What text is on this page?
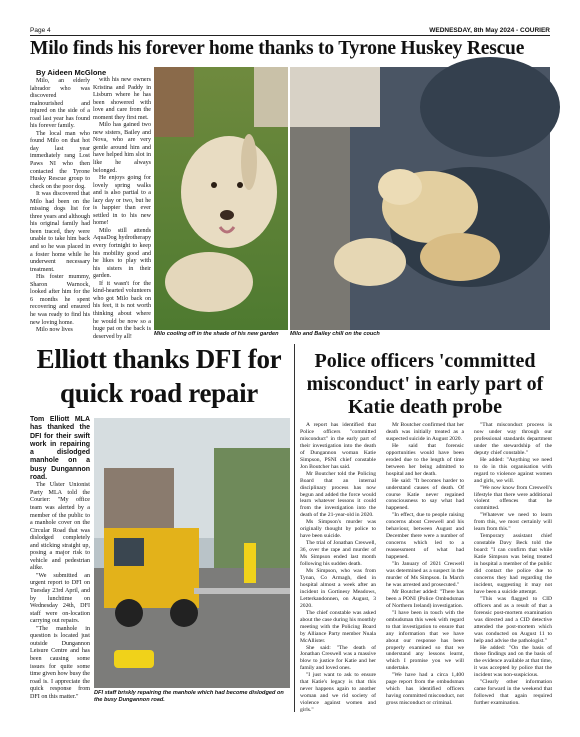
Page 4	WEDNESDAY, 8th May 2024 - COURIER
Milo finds his forever home thanks to Tyrone Huskey Rescue
By Aideen McGlone

Milo, an elderly labrador who was discovered malnourished and injured on the side of a road last year has found his forever family.

The local man who found Milo on that hot day last year immediately rang Lost Paws NI who then contacted the Tyrone Husky Rescue group to check on the poor dog.

It was discovered that Milo had been on the missing dogs list for three years and although his original family had been traced, they were unable to take him back and so he was placed in a foster home while he underwent necessary treatment.

His foster mummy, Sharon Warnock, looked after him for the 6 months he spent recovering and ensured he was ready to find his new loving home.

Milo now lives

with his new owners Kristina and Paddy in Lisburn where he has been showered with love and care from the moment they first met.

Milo has gained two new sisters, Bailey and Nova, who are very gentle around him and have helped him slot in like he always belonged.

He enjoys going for lovely spring walks and is also partial to a lazy day or two, but he is happier than ever settled in to his new home!

Milo still attends AquaDog hydrotherapy every fortnight to keep his mobility good and he likes to play with his sisters in their garden.

If it wasn't for the kind-hearted volunteers who got Milo back on his feet, it is not worth thinking about where he would be now so a huge pat on the back is deserved by all!	Milo cooling off in the shade of his new garden	Milo and Bailey chill on the couch
Elliott thanks DFI for quick road repair
Tom Elliott MLA has thanked the DFI for their swift work in repairing a dislodged manhole on a busy Dungannon road.

The Ulster Unionist Party MLA told the Courier: "My office team was alerted by a member of the public to a manhole cover on the Circular Road that was dislodged completely and sticking straight up, posing a major risk to vehicle and pedestrian alike.

"We submitted an urgent report to DFI on Tuesday 23rd April, and by lunchtime on Wednesday 24th, DFI staff were on-location carrying out repairs.

"The manhole in question is located just outside Dungannon Leisure Centre and has been causing some issues for quite some time given how busy the road is. I appreciate the quick response from DFI on this matter."

DFI staff briskly repairing the manhole which had become dislodged on the busy Dungannon road.
Police officers 'committed misconduct' in early part of Katie death probe

A report has identified that Police officers "committed misconduct" in the early part of their investigation into the death of Dungannon woman Katie Simpson, PSNI chief constable Jon Boutcher has said.

Mr Boutcher told the Policing Board that an internal disciplinary process has now begun and added the force would learn whatever lessons it could from the investigation into the death of the 21-year-old in 2020.

Ms Simpson's murder was originally thought by police to have been suicide.

The trial of Jonathan Creswell, 36, over the rape and murder of Ms Simpson ended last month following his sudden death.

Ms Simpson, who was from Tynan, Co Armagh, died in hospital almost a week after an incident in Gortinesy Meadows, Letterkandonnen, on August, 3 2020.

The chief constable was asked about the case during his monthly meeting with the Policing Board by Alliance Party member Nuala McAllister.

She said: "The death of Jonathan Creswell was a massive blow to justice for Katie and her family and loved ones.

"I just want to ask to ensure that Katie's legacy is that this never happens again to another woman and we rid society of violence against women and girls."

Mr Boutcher confirmed that her death was initially treated as a suspected suicide in August 2020.

He said that forensic opportunities would have been eroded due to the length of time between her being admitted to hospital and her death.

He said: "It becomes harder to understand causes of death. Of course Katie never regained consciousness to say what had happened.

"In effect, due to people raising concerns about Creswell and his behaviour, between August and December there were a number of concerns which led to a reassessment of what had happened.

"In January of 2021 Creswell was determined as a suspect in the murder of Ms Simpson. In March he was arrested and prosecuted."

Mr Boutcher added: "There has been a PONI (Police Ombudsman of Northern Ireland) investigation.

"I have been in touch with the ombudsman this week with regard to that investigation to ensure that any information that we have about our response has been properly examined so that we understand any lessons learnt, which I promise you we will undertake.

"We have had a circa 1,400 page report from the ombudsman which has identified officers having committed misconduct, not gross misconduct or criminal.

"That misconduct process is now under way through our professional standards department under the stewardship of the deputy chief constable."

He added: "Anything we need to do in this organisation with regard to violence against women and girls, we will.

"We now know from Creswell's lifestyle that there were additional violent offences that he committed.

"Whatever we need to learn from this, we most certainly will learn from this."

Temporary assistant chief constable Davy Beck told the board: "I can confirm that while Katie Simpson was being treated in hospital a member of the public did contact the police due to concerns they had regarding the incident, suggesting it may not have been a suicide attempt.

"This was flagged to CID officers and as a result of that a forensic post-mortem examination was directed and a CID detective attended the post-mortem which was conducted on August 11 to help and advise the pathologist."

He added: "On the basis of those findings and on the basis of the evidence available at that time, it was accepted by police that the incident was non-suspicious.

"Clearly other information came forward in the weekend that followed that again required further examination.
